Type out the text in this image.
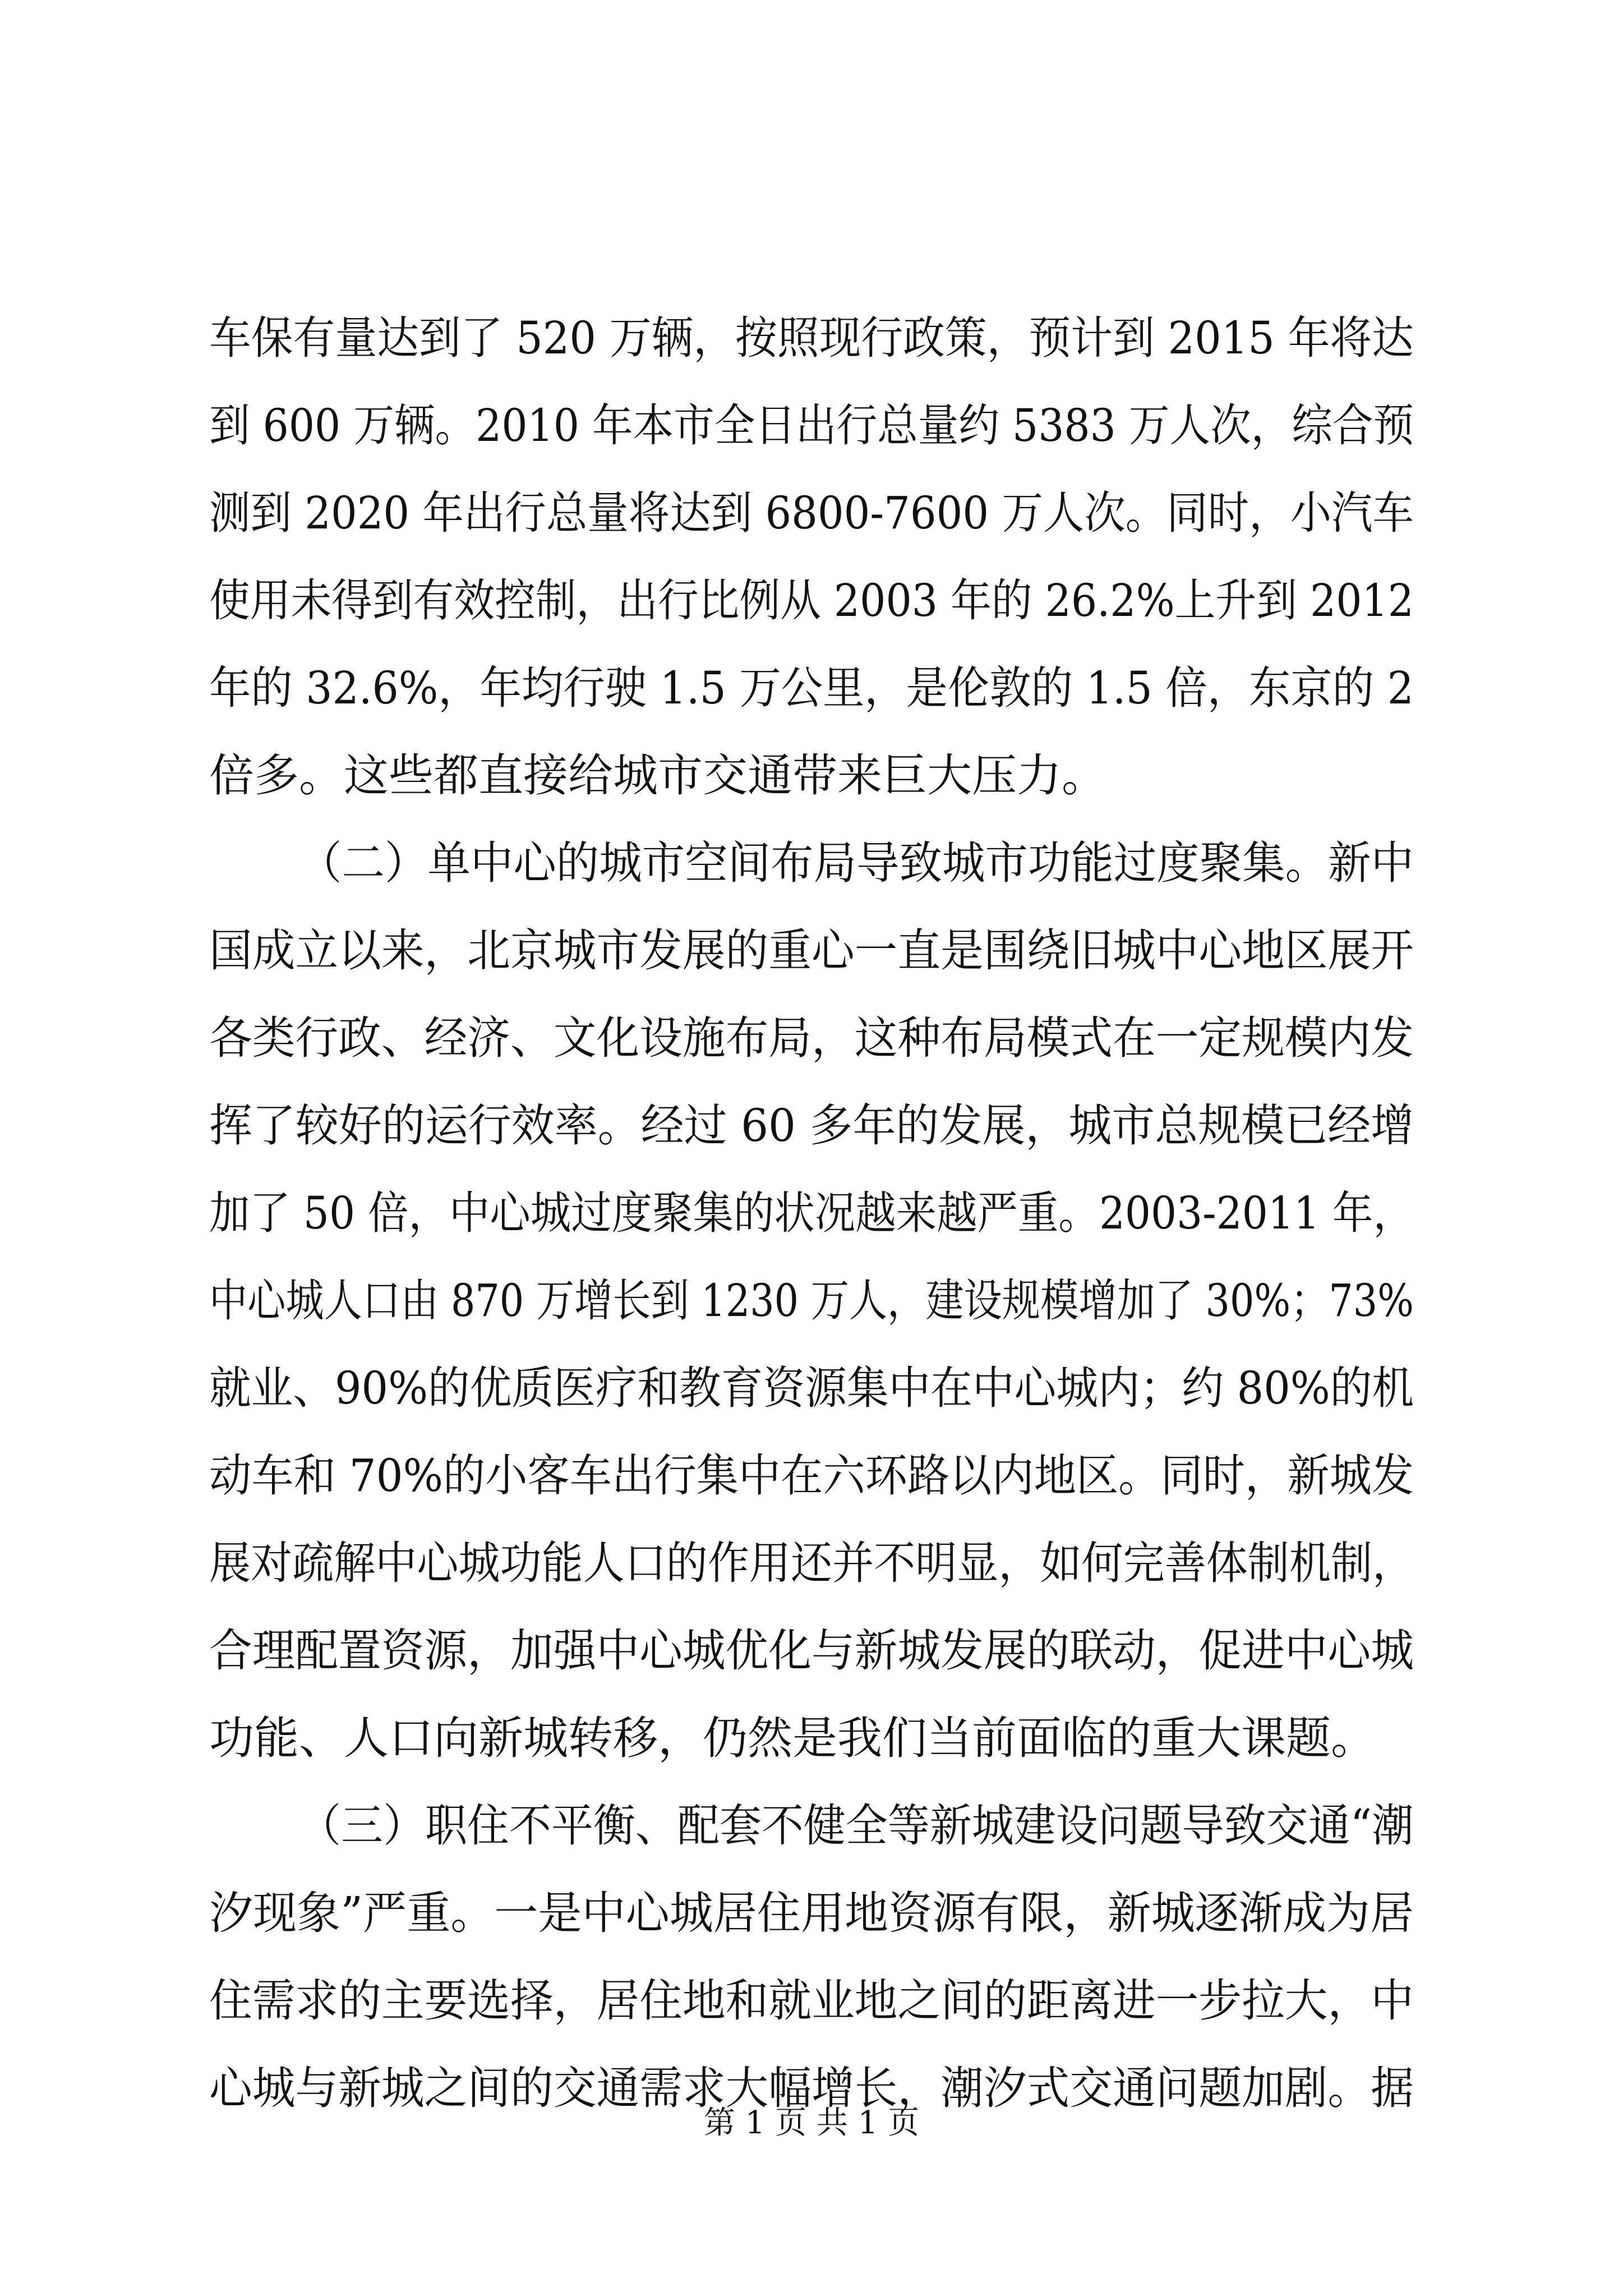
车保有量达到了 520 万辆，按照现行政策，预计到 2015 年将达
到 600 万辆。2010 年本市全日出行总量约 5383 万人次，综合预
测到 2020 年出行总量将达到 6800-7600 万人次。同时，小汽车
使用未得到有效控制，出行比例从 2003 年的 26.2%上升到 2012
年的 32.6%，年均行驶 1.5 万公里，是伦敦的 1.5 倍，东京的 2
倍多。这些都直接给城市交通带来巨大压力。
（二）单中心的城市空间布局导致城市功能过度聚集。新中
国成立以来，北京城市发展的重心一直是围绕旧城中心地区展开
各类行政、经济、文化设施布局，这种布局模式在一定规模内发
挥了较好的运行效率。经过 60 多年的发展，城市总规模已经增
加了 50 倍，中心城过度聚集的状况越来越严重。2003-2011 年，
中心城人口由 870 万增长到 1230 万人，建设规模增加了 30%；73%
就业、90%的优质医疗和教育资源集中在中心城内；约 80%的机
动车和 70%的小客车出行集中在六环路以内地区。同时，新城发
展对疏解中心城功能人口的作用还并不明显，如何完善体制机制，
合理配置资源，加强中心城优化与新城发展的联动，促进中心城
功能、人口向新城转移，仍然是我们当前面临的重大课题。
（三）职住不平衡、配套不健全等新城建设问题导致交通“潮
汐现象”严重。一是中心城居住用地资源有限，新城逐渐成为居
住需求的主要选择，居住地和就业地之间的距离进一步拉大，中
心城与新城之间的交通需求大幅增长，潮汐式交通问题加剧。据
第 1 页 共 1 页
